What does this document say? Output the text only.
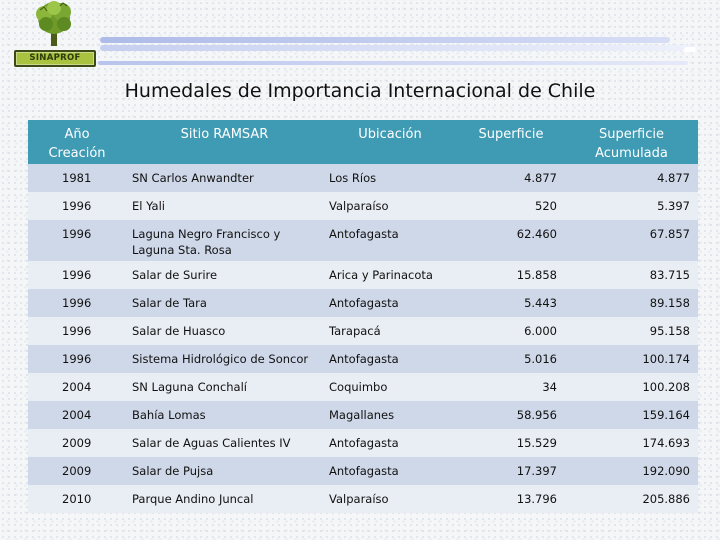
SINAPROF
Humedales de Importancia Internacional de Chile
Año
Creación	Sitio RAMSAR	Ubicación	Superficie	Superficie
Acumulada
1981	SN Carlos Anwandter	Los Ríos	4.877	4.877
1996	El Yali	Valparaíso	520	5.397
1996	Laguna Negro Francisco y Laguna Sta. Rosa	Antofagasta	62.460	67.857
1996	Salar de Surire	Arica y Parinacota	15.858	83.715
1996	Salar de Tara	Antofagasta	5.443	89.158
1996	Salar de Huasco	Tarapacá	6.000	95.158
1996	Sistema Hidrológico de Soncor	Antofagasta	5.016	100.174
2004	SN Laguna Conchalí	Coquimbo	34	100.208
2004	Bahía Lomas	Magallanes	58.956	159.164
2009	Salar de Aguas Calientes IV	Antofagasta	15.529	174.693
2009	Salar de Pujsa	Antofagasta	17.397	192.090
2010	Parque Andino Juncal	Valparaíso	13.796	205.886
